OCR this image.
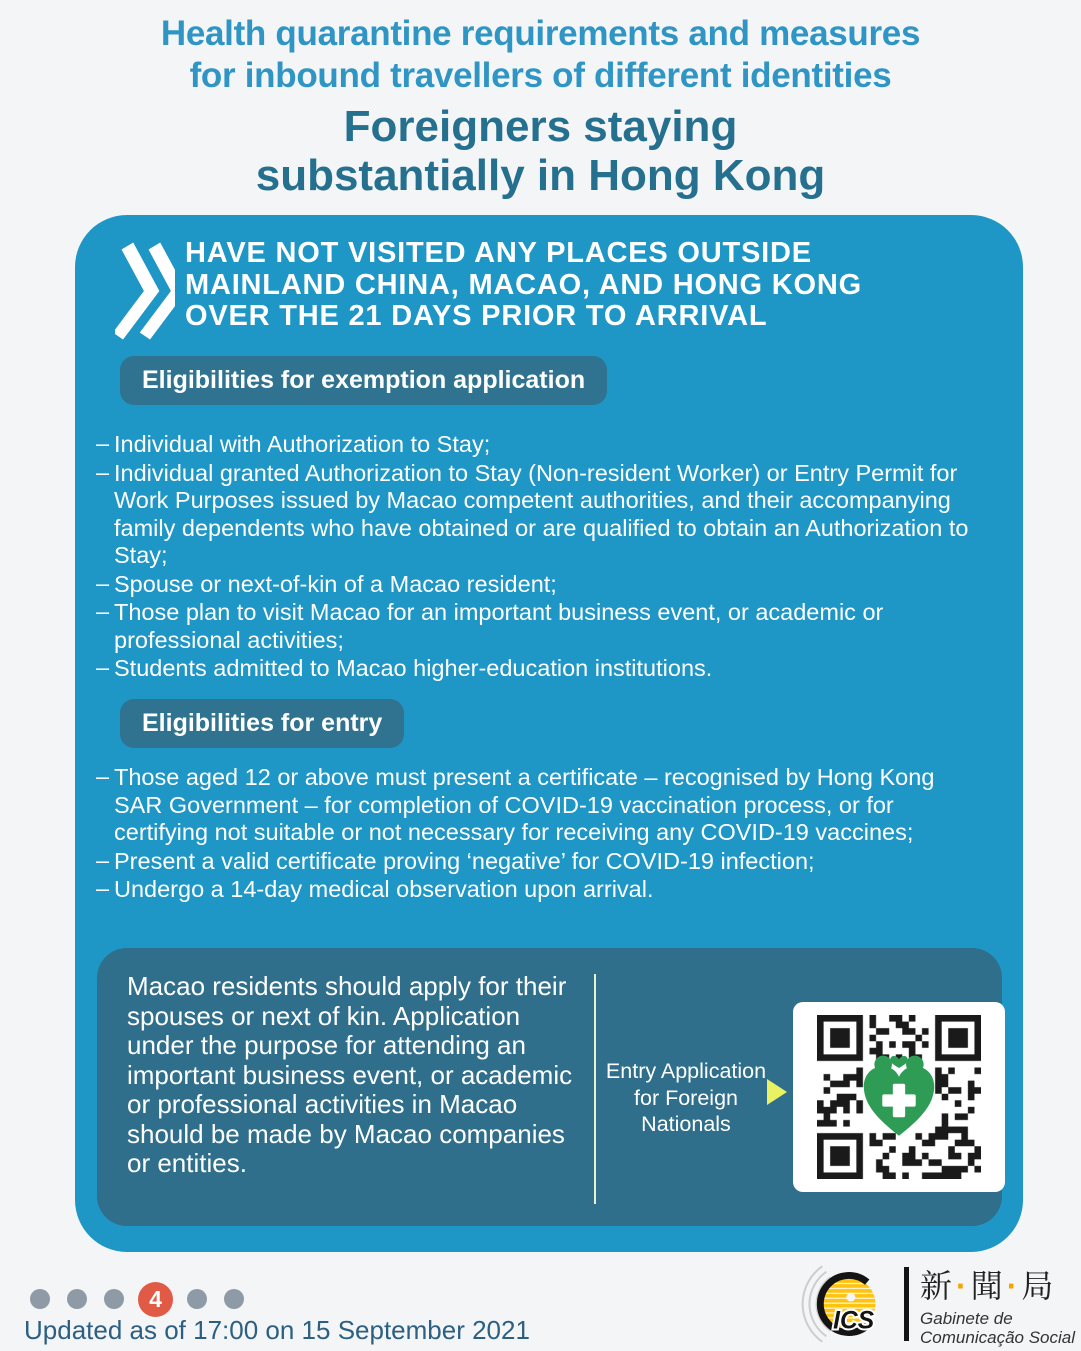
Health quarantine requirements and measures
for inbound travellers of different identities
Foreigners staying
substantially in Hong Kong
HAVE NOT VISITED ANY PLACES OUTSIDE
MAINLAND CHINA, MACAO, AND HONG KONG
OVER THE 21 DAYS PRIOR TO ARRIVAL
Eligibilities for exemption application
– Individual with Authorization to Stay;
– Individual granted Authorization to Stay (Non-resident Worker) or Entry Permit for Work Purposes issued by Macao competent authorities, and their accompanying family dependents who have obtained or are qualified to obtain an Authorization to Stay;
– Spouse or next-of-kin of a Macao resident;
– Those plan to visit Macao for an important business event, or academic or professional activities;
– Students admitted to Macao higher-education institutions.
Eligibilities for entry
– Those aged 12 or above must present a certificate – recognised by Hong Kong SAR Government – for completion of COVID-19 vaccination process, or for certifying not suitable or not necessary for receiving any COVID-19 vaccines;
– Present a valid certificate proving ‘negative’ for COVID-19 infection;
– Undergo a 14-day medical observation upon arrival.

Macao residents should apply for their spouses or next of kin. Application under the purpose for attending an important business event, or academic or professional activities in Macao should be made by Macao companies or entities.

Entry Application
for Foreign
Nationals
4
Updated as of 17:00 on 15 September 2021	ICS
新 · 聞 · 局
Gabinete de
Comunicação Social
